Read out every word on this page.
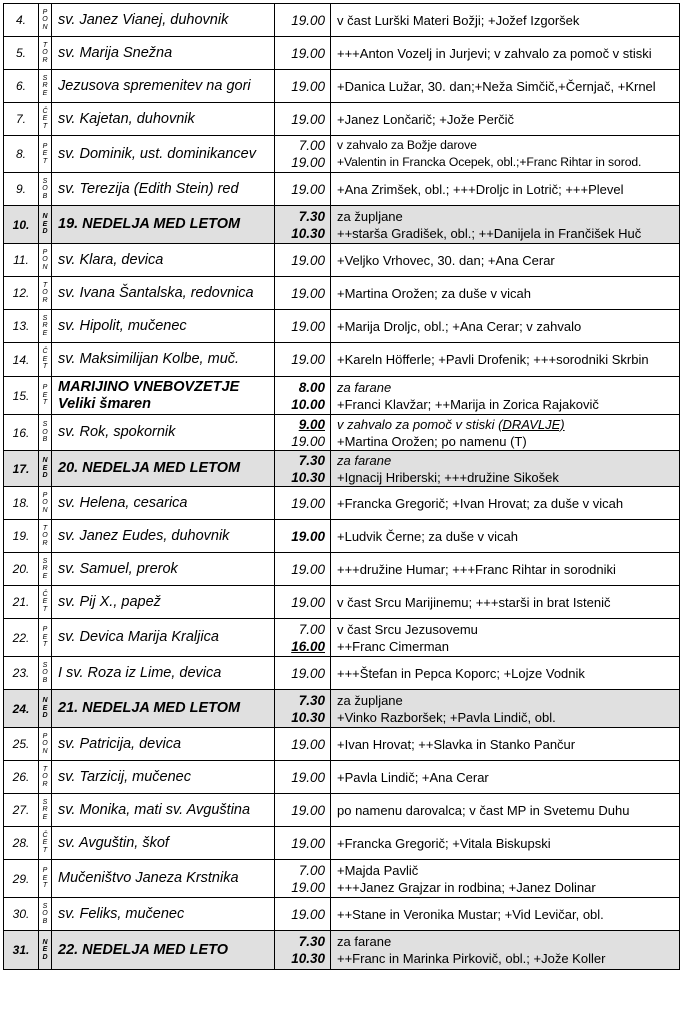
4.	P
O
N	sv. Janez Vianej, duhovnik	19.00	v čast Lurški Materi Božji; +Jožef Izgoršek

5.	T
O
R	sv. Marija Snežna	19.00	+++Anton Vozelj in Jurjevi; v zahvalo za pomoč v stiski

6.	S
R
E	Jezusova spremenitev na gori	19.00	+Danica Lužar, 30. dan;+Neža Simčič,+Černjač, +Krnel

7.	Č
E
T	sv. Kajetan, duhovnik	19.00	+Janez Lončarič; +Jože Perčič

8.	P
E
T	sv. Dominik, ust. dominikancev	7.00
19.00	v zahvalo za Božje darove
+Valentin in Francka Ocepek, obl.;+Franc Rihtar in sorod.

9.	S
O
B	sv. Terezija (Edith Stein) red	19.00	+Ana Zrimšek, obl.; +++Droljc in Lotrič; +++Plevel

10.	N
E
D	19. NEDELJA MED LETOM	7.30
10.30	za župljane
++starša Gradišek, obl.; ++Danijela in Frančišek Huč

11.	P
O
N	sv. Klara, devica	19.00	+Veljko Vrhovec, 30. dan; +Ana Cerar

12.	T
O
R	sv. Ivana Šantalska, redovnica	19.00	+Martina Orožen; za duše v vicah

13.	S
R
E	sv. Hipolit, mučenec	19.00	+Marija Droljc, obl.; +Ana Cerar; v zahvalo

14.	Č
E
T	sv. Maksimilijan Kolbe, muč.	19.00	+Kareln Höfferle; +Pavli Drofenik; +++sorodniki Skrbin

15.	P
E
T	MARIJINO VNEBOVZETJE
Veliki šmaren	8.00
10.00	za farane
+Franci Klavžar; ++Marija in Zorica Rajakovič

16.	S
O
B	sv. Rok, spokornik	9.00
19.00	v zahvalo za pomoč v stiski (DRAVLJE)
+Martina Orožen; po namenu (T)

17.	N
E
D	20. NEDELJA MED LETOM	7.30
10.30	za farane
+Ignacij Hriberski; +++družine Sikošek

18.	P
O
N	sv. Helena, cesarica	19.00	+Francka Gregorič; +Ivan Hrovat; za duše v vicah

19.	T
O
R	sv. Janez Eudes, duhovnik	19.00	+Ludvik Černe; za duše v vicah

20.	S
R
E	sv. Samuel, prerok	19.00	+++družine Humar; +++Franc Rihtar in sorodniki

21.	Č
E
T	sv. Pij X., papež	19.00	v čast Srcu Marijinemu; +++starši in brat Istenič

22.	P
E
T	sv. Devica Marija Kraljica	7.00
16.00	v čast Srcu Jezusovemu
++Franc Cimerman

23.	S
O
B	I sv. Roza iz Lime, devica	19.00	+++Štefan in Pepca Koporc; +Lojze Vodnik

24.	N
E
D	21. NEDELJA MED LETOM	7.30
10.30	za župljane
+Vinko Razboršek; +Pavla Lindič, obl.

25.	P
O
N	sv. Patricija, devica	19.00	+Ivan Hrovat; ++Slavka in Stanko Pančur

26.	T
O
R	sv. Tarzicij, mučenec	19.00	+Pavla Lindič; +Ana Cerar

27.	S
R
E	sv. Monika, mati sv. Avguština	19.00	po namenu darovalca; v čast MP in Svetemu Duhu

28.	Č
E
T	sv. Avguštin, škof	19.00	+Francka Gregorič; +Vitala Biskupski

29.	P
E
T	Mučeništvo Janeza Krstnika	7.00
19.00	+Majda Pavlič
+++Janez Grajzar in rodbina; +Janez Dolinar

30.	S
O
B	sv. Feliks, mučenec	19.00	++Stane in Veronika Mustar; +Vid Levičar, obl.

31.	N
E
D	22. NEDELJA MED LETO	7.30
10.30	za farane
++Franc in Marinka Pirkovič, obl.; +Jože Koller
